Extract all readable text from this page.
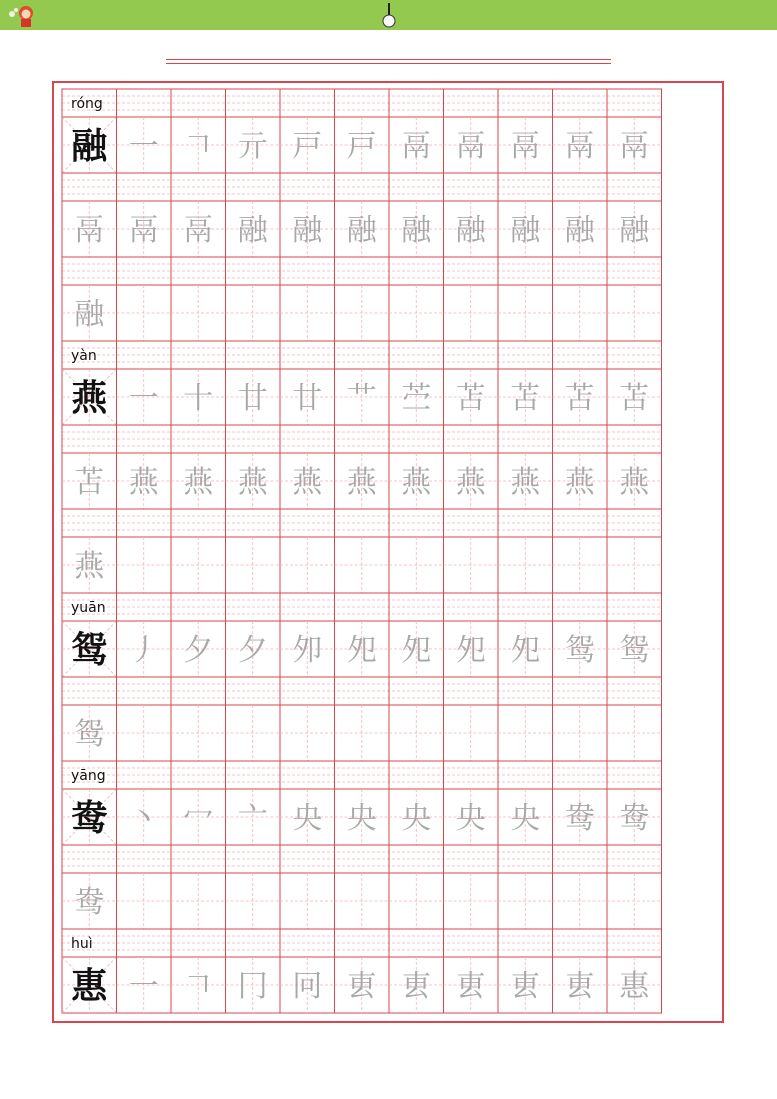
róng
融 一 𠃍 亓 戸 戸 鬲 鬲 鬲 鬲 鬲
鬲 鬲 鬲 融 融 融 融 融 融 融 融
融
yàn
燕 一 十 廿 廿 艹 苎 苫 苫 苫 苫
苫 燕 燕 燕 燕 燕 燕 燕 燕 燕 燕
燕
yuān
鸳 丿 夕 夕 夘 夗 夗 夗 夗 鸳 鸳
鸳
yāng
鸯 丶 冖 亠 央 央 央 央 央 鸯 鸯
鸯
huì
惠 一 𠃍 冂 冋 叀 叀 叀 叀 叀 惠
